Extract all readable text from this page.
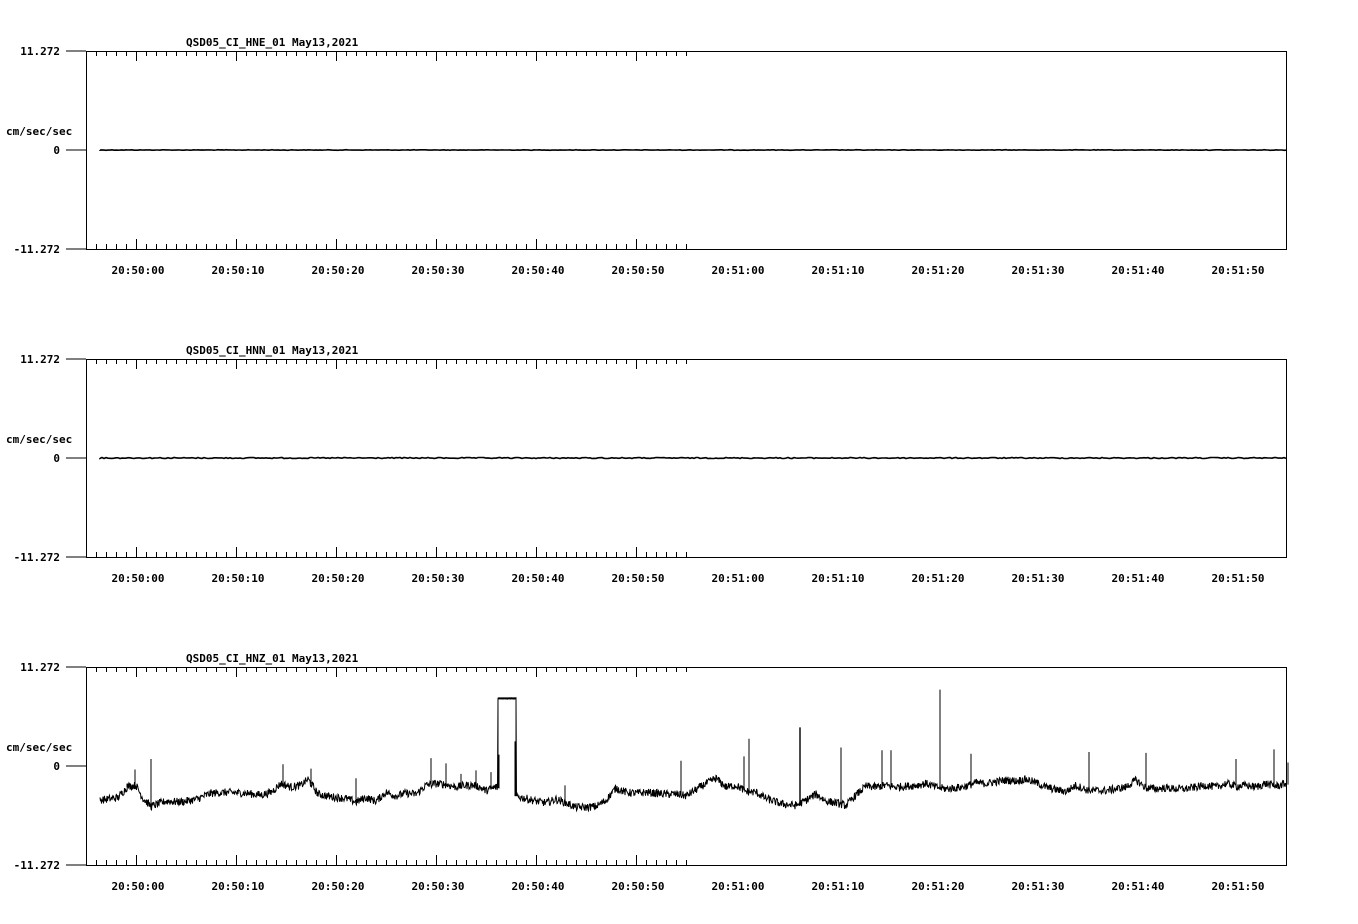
QSD05_CI_HNE_01 May13,2021
11.272
0
-11.272
cm/sec/sec
20:50:00	20:50:10	20:50:20	20:50:30	20:50:40	20:50:50	20:51:00	20:51:10	20:51:20	20:51:30	20:51:40	20:51:50
QSD05_CI_HNN_01 May13,2021
11.272
0
-11.272
cm/sec/sec
20:50:00	20:50:10	20:50:20	20:50:30	20:50:40	20:50:50	20:51:00	20:51:10	20:51:20	20:51:30	20:51:40	20:51:50
QSD05_CI_HNZ_01 May13,2021
11.272
0
-11.272
cm/sec/sec
20:50:00	20:50:10	20:50:20	20:50:30	20:50:40	20:50:50	20:51:00	20:51:10	20:51:20	20:51:30	20:51:40	20:51:50
